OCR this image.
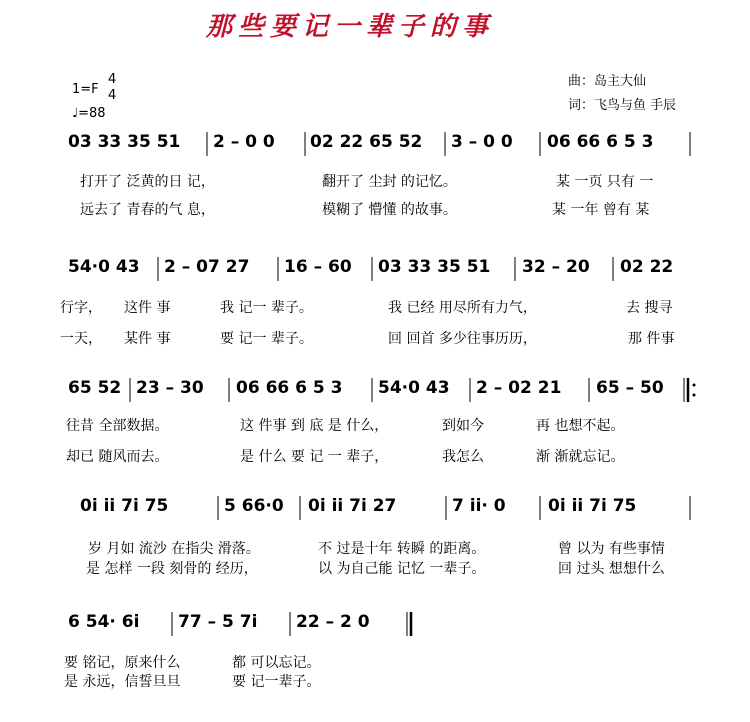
那些要记一辈子的事
1=F
4
4
♩=88
曲：岛主大仙
词：飞鸟与鱼 手辰
03 33 35 51 2 – 0 0 02 22 65 52 3 – 0 0 06 66 6 5 3
打开了 泛黄的日 记，	翻开了 尘封 的记忆。	某 一页 只有 一
远去了 青春的气 息，	模糊了 懵懂 的故事。	某 一年 曾有 某
54·0 43 2 – 07 27 16 – 60 03 33 35 51 32 – 20 02 22
行字， 这件 事	我 记一 辈子。	我 已经 用尽所有力气，	去 搜寻
一天， 某件 事	要 记一 辈子。	回 回首 多少往事历历，	那 件事
65 52 23 – 30 06 66 6 5 3 54·0 43 2 – 02 21 65 – 50
往昔 全部数据。	这 件事 到 底 是 什么，	到如今	再 也想不起。
却已 随风而去。	是 什么 要 记 一 辈子，	我怎么	渐 渐就忘记。
0i ii 7i 75	5 66·0 0i ii 7i 27	7 ii· 0 0i ii 7i 75
岁 月如 流沙 在指尖 滑落。	不 过是十年 转瞬 的距离。	曾 以为 有些事情
是 怎样 一段 刻骨的 经历，	以 为自己能 记忆 一辈子。	回 过头 想想什么
6 54· 6i 77 – 5 7i 22 – 2 0
要 铭记，原来什么	都 可以忘记。
是 永远，信誓旦旦	要 记一辈子。
